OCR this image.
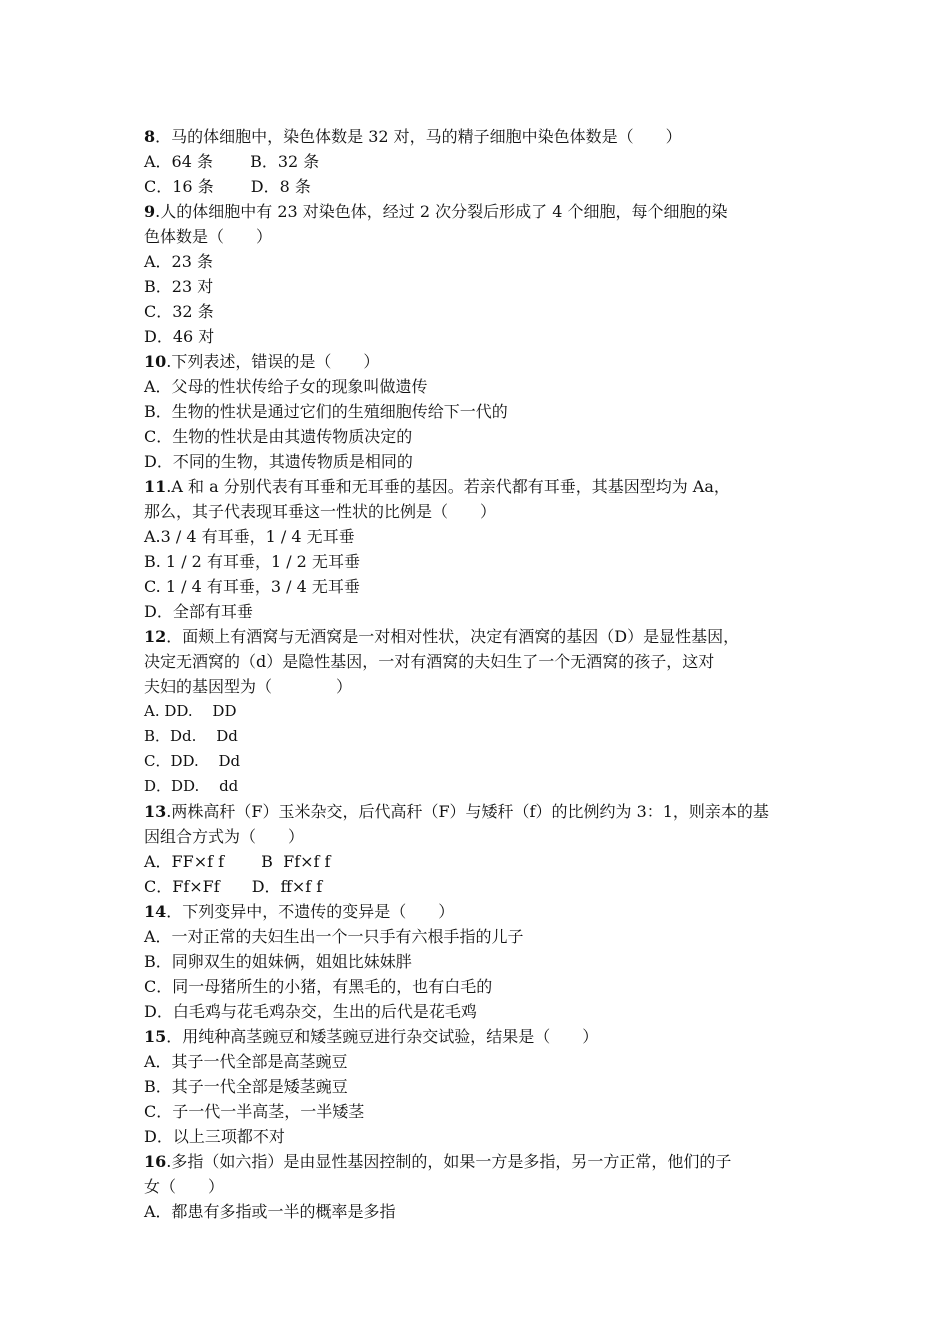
8．马的体细胞中，染色体数是 32 对，马的精子细胞中染色体数是（　　）
A．64 条　　 B．32 条
C．16 条　　 D．8 条
9.人的体细胞中有 23 对染色体，经过 2 次分裂后形成了 4 个细胞，每个细胞的染
色体数是（　　）
A．23 条
B．23 对
C．32 条
D．46 对
10.下列表述，错误的是（　　）
A．父母的性状传给子女的现象叫做遗传
B．生物的性状是通过它们的生殖细胞传给下一代的
C．生物的性状是由其遗传物质决定的
D．不同的生物，其遗传物质是相同的
11.A 和 a 分别代表有耳垂和无耳垂的基因。若亲代都有耳垂，其基因型均为 Aa，
那么，其子代表现耳垂这一性状的比例是（　　）
A.3 / 4 有耳垂，1 / 4 无耳垂
B. 1 / 2 有耳垂，1 / 2 无耳垂
C. 1 / 4 有耳垂，3 / 4 无耳垂
D．全部有耳垂
12．面颊上有酒窝与无酒窝是一对相对性状，决定有酒窝的基因（D）是显性基因，
决定无酒窝的（d）是隐性基因，一对有酒窝的夫妇生了一个无酒窝的孩子，这对
夫妇的基因型为（　　　　）
A. DD.　 DD
B．Dd.　 Dd
C．DD.　 Dd
D．DD.　 dd
13.两株高秆（F）玉米杂交，后代高秆（F）与矮秆（f）的比例约为 3：1，则亲本的基
因组合方式为（　　）
A．FF×f f　　 B  Ff×f f
C．Ff×Ff　　D．ff×f f
14．下列变异中，不遗传的变异是（　　）
A．一对正常的夫妇生出一个一只手有六根手指的儿子
B．同卵双生的姐妹俩，姐姐比妹妹胖
C．同一母猪所生的小猪，有黑毛的，也有白毛的
D．白毛鸡与花毛鸡杂交，生出的后代是花毛鸡
15．用纯种高茎豌豆和矮茎豌豆进行杂交试验，结果是（　　）
A．其子一代全部是高茎豌豆
B．其子一代全部是矮茎豌豆
C．子一代一半高茎，一半矮茎
D．以上三项都不对
16.多指（如六指）是由显性基因控制的，如果一方是多指，另一方正常，他们的子
女（　　）
A．都患有多指或一半的概率是多指
